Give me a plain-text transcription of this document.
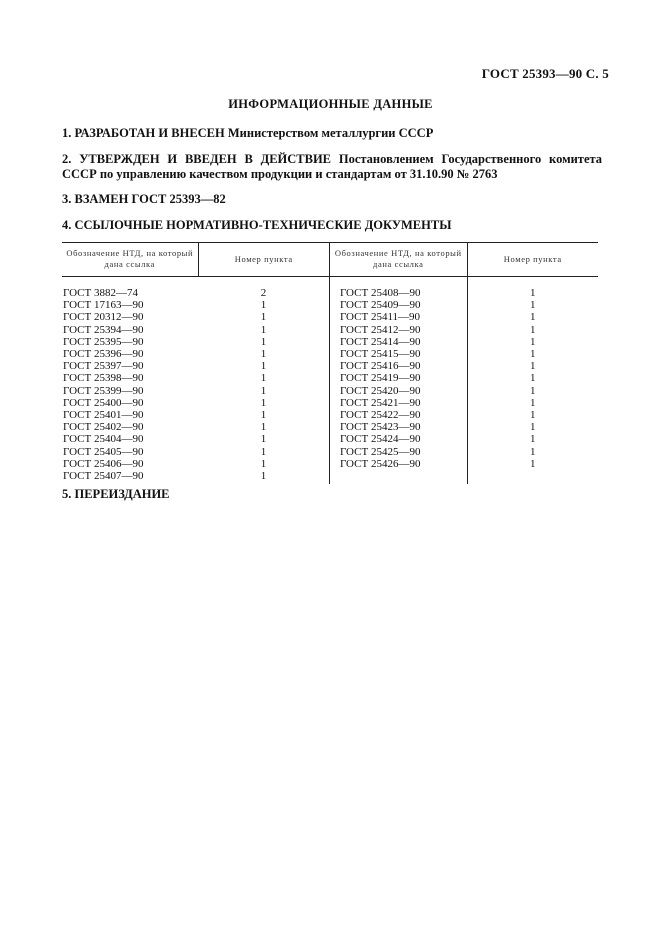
ГОСТ 25393—90 С. 5
ИНФОРМАЦИОННЫЕ ДАННЫЕ
1. РАЗРАБОТАН И ВНЕСЕН Министерством металлургии СССР
2. УТВЕРЖДЕН И ВВЕДЕН В ДЕЙСТВИЕ Постановлением Государственного комитета СССР по управлению качеством продукции и стандартам от 31.10.90 № 2763
3. ВЗАМЕН ГОСТ 25393—82
4. ССЫЛОЧНЫЕ НОРМАТИВНО-ТЕХНИЧЕСКИЕ ДОКУМЕНТЫ
Обозначение НТД, на который дана ссылка	Номер пункта	Обозначение НТД, на который дана ссылка	Номер пункта

ГОСТ 3882—74	2	ГОСТ 25408—90	1
ГОСТ 17163—90	1	ГОСТ 25409—90	1
ГОСТ 20312—90	1	ГОСТ 25411—90	1
ГОСТ 25394—90	1	ГОСТ 25412—90	1
ГОСТ 25395—90	1	ГОСТ 25414—90	1
ГОСТ 25396—90	1	ГОСТ 25415—90	1
ГОСТ 25397—90	1	ГОСТ 25416—90	1
ГОСТ 25398—90	1	ГОСТ 25419—90	1
ГОСТ 25399—90	1	ГОСТ 25420—90	1
ГОСТ 25400—90	1	ГОСТ 25421—90	1
ГОСТ 25401—90	1	ГОСТ 25422—90	1
ГОСТ 25402—90	1	ГОСТ 25423—90	1
ГОСТ 25404—90	1	ГОСТ 25424—90	1
ГОСТ 25405—90	1	ГОСТ 25425—90	1
ГОСТ 25406—90	1	ГОСТ 25426—90	1
ГОСТ 25407—90	1		
5. ПЕРЕИЗДАНИЕ
